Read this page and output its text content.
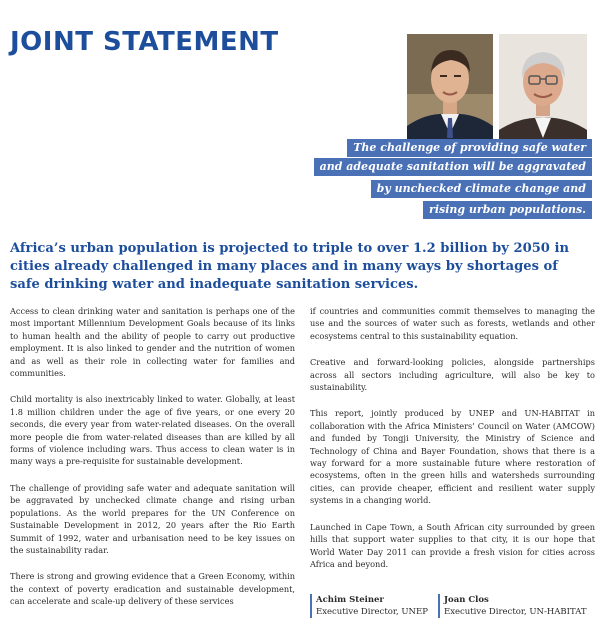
JOINT STATEMENT
The challenge of providing safe water
and adequate sanitation will be aggravated
by unchecked climate change and
rising urban populations.

Africa’s urban population is projected to triple to over 1.2 billion by 2050 in cities already challenged in many places and in many ways by shortages of safe drinking water and inadequate sanitation services.

Access to clean drinking water and sanitation is perhaps one of the most important Millennium Development Goals because of its links to human health and the ability of people to carry out productive employment. It is also linked to gender and the nutrition of women and as well as their role in collecting water for families and communities.

Child mortality is also inextricably linked to water. Globally, at least 1.8 million children under the age of five years, or one every 20 seconds, die every year from water-related diseases. On the overall more people die from water-related diseases than are killed by all forms of violence including wars. Thus access to clean water is in many ways a pre-requisite for sustainable development.

The challenge of providing safe water and adequate sanitation will be aggravated by unchecked climate change and rising urban populations. As the world prepares for the UN Conference on Sustainable Development in 2012, 20 years after the Rio Earth Summit of 1992, water and urbanisation need to be key issues on the sustainability radar.

There is strong and growing evidence that a Green Economy, within the context of poverty eradication and sustainable development, can accelerate and scale-up delivery of these services

if countries and communities commit themselves to managing the use and the sources of water such as forests, wetlands and other ecosystems central to this sustainability equation.

Creative and forward-looking policies, alongside partnerships across all sectors including agriculture, will also be key to sustainability.

This report, jointly produced by UNEP and UN-HABITAT in collaboration with the Africa Ministers’ Council on Water (AMCOW) and funded by Tongji University, the Ministry of Science and Technology of China and Bayer Foundation, shows that there is a way forward for a more sustainable future where restoration of ecosystems, often in the green hills and watersheds surrounding cities, can provide cheaper, efficient and resilient water supply systems in a changing world.

Launched in Cape Town, a South African city surrounded by green hills that support water supplies to that city, it is our hope that World Water Day 2011 can provide a fresh vision for cities across Africa and beyond.

Achim Steiner
Executive Director, UNEP
Joan Clos
Executive Director, UN-HABITAT
